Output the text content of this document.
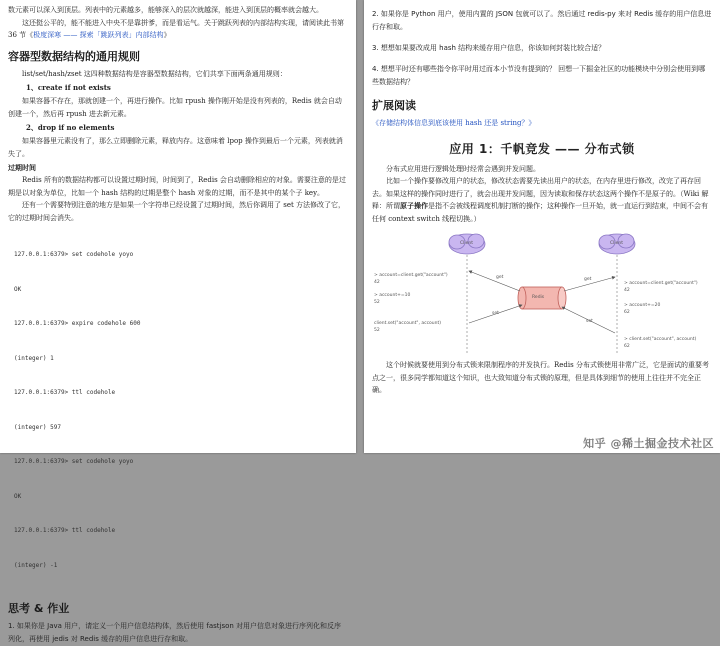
数元素可以深入到顶层。列表中的元素越多，能够深入的层次就越深，能进入到顶层的概率就会越大。

这还挺公平的，能不能进入中央不是靠拼爹，而是看运气。关于跳跃列表的内部结构实现，请阅读此书第 36 节《极度深寒 —— 探索「跳跃列表」内部结构》

容器型数据结构的通用规则

list/set/hash/zset 这四种数据结构是容器型数据结构，它们共享下面两条通用规则：

1、create if not exists

如果容器不存在，那就创建一个，再进行操作。比如 rpush 操作刚开始是没有列表的，Redis 就会自动创建一个，然后再 rpush 进去新元素。

2、drop if no elements

如果容器里元素没有了，那么立即删除元素，释放内存。这意味着 lpop 操作到最后一个元素，列表就消失了。

过期时间

Redis 所有的数据结构都可以设置过期时间，时间到了，Redis 会自动删除相应的对象。需要注意的是过期是以对象为单位，比如一个 hash 结构的过期是整个 hash 对象的过期，而不是其中的某个子 key。

还有一个需要特别注意的地方是如果一个字符串已经设置了过期时间，然后你调用了 set 方法修改了它，它的过期时间会消失。

127.0.0.1:6379> set codehole yoyo

OK

127.0.0.1:6379> expire codehole 600

(integer) 1

127.0.0.1:6379> ttl codehole

(integer) 597

127.0.0.1:6379> set codehole yoyo

OK

127.0.0.1:6379> ttl codehole

(integer) -1

思考 & 作业
1. 如果你是 Java 用户，请定义一个用户信息结构体，然后使用 fastjson 对用户信息对象进行序列化和反序列化，再使用 jedis 对 Redis 缓存的用户信息进行存和取。
2. 如果你是 Python 用户，使用内置的 JSON 包就可以了。然后通过 redis-py 来对 Redis 缓存的用户信息进行存和取。
3. 想想如果要改成用 hash 结构来缓存用户信息，你该如何封装比较合适？
4. 想想平时还有哪些指令你平时用过而本小节没有提到的？ 回想一下掘金社区的功能模块中分别会使用到哪些数据结构？
扩展阅读

《存储结构体信息到底该使用 hash 还是 string？》

应用 1：千帆竞发 —— 分布式锁

分布式应用进行逻辑处理时经常会遇到并发问题。

比如一个操作要修改用户的状态，修改状态需要先读出用户的状态，在内存里进行修改，改完了再存回去。如果这样的操作同时进行了，就会出现并发问题，因为读取和保存状态这两个操作不是原子的。（Wiki 解释：所谓原子操作是指不会被线程调度机制打断的操作；这种操作一旦开始，就一直运行到结束，中间不会有任何 context switch 线程切换。）

Client	Client
Redis
get	get
set
set
> account=client.get("account")
42
> account+=10
52
client.set("account", account)
52
> account=client.get("account")
42
> account+=20
62
> client.set("account", account)
62

这个时候就要使用到分布式锁来限制程序的并发执行。Redis 分布式锁使用非常广泛，它是面试的重要考点之一，很多同学都知道这个知识，也大致知道分布式锁的原理，但是具体到细节的使用上往往并不完全正确。

知乎 @稀土掘金技术社区
